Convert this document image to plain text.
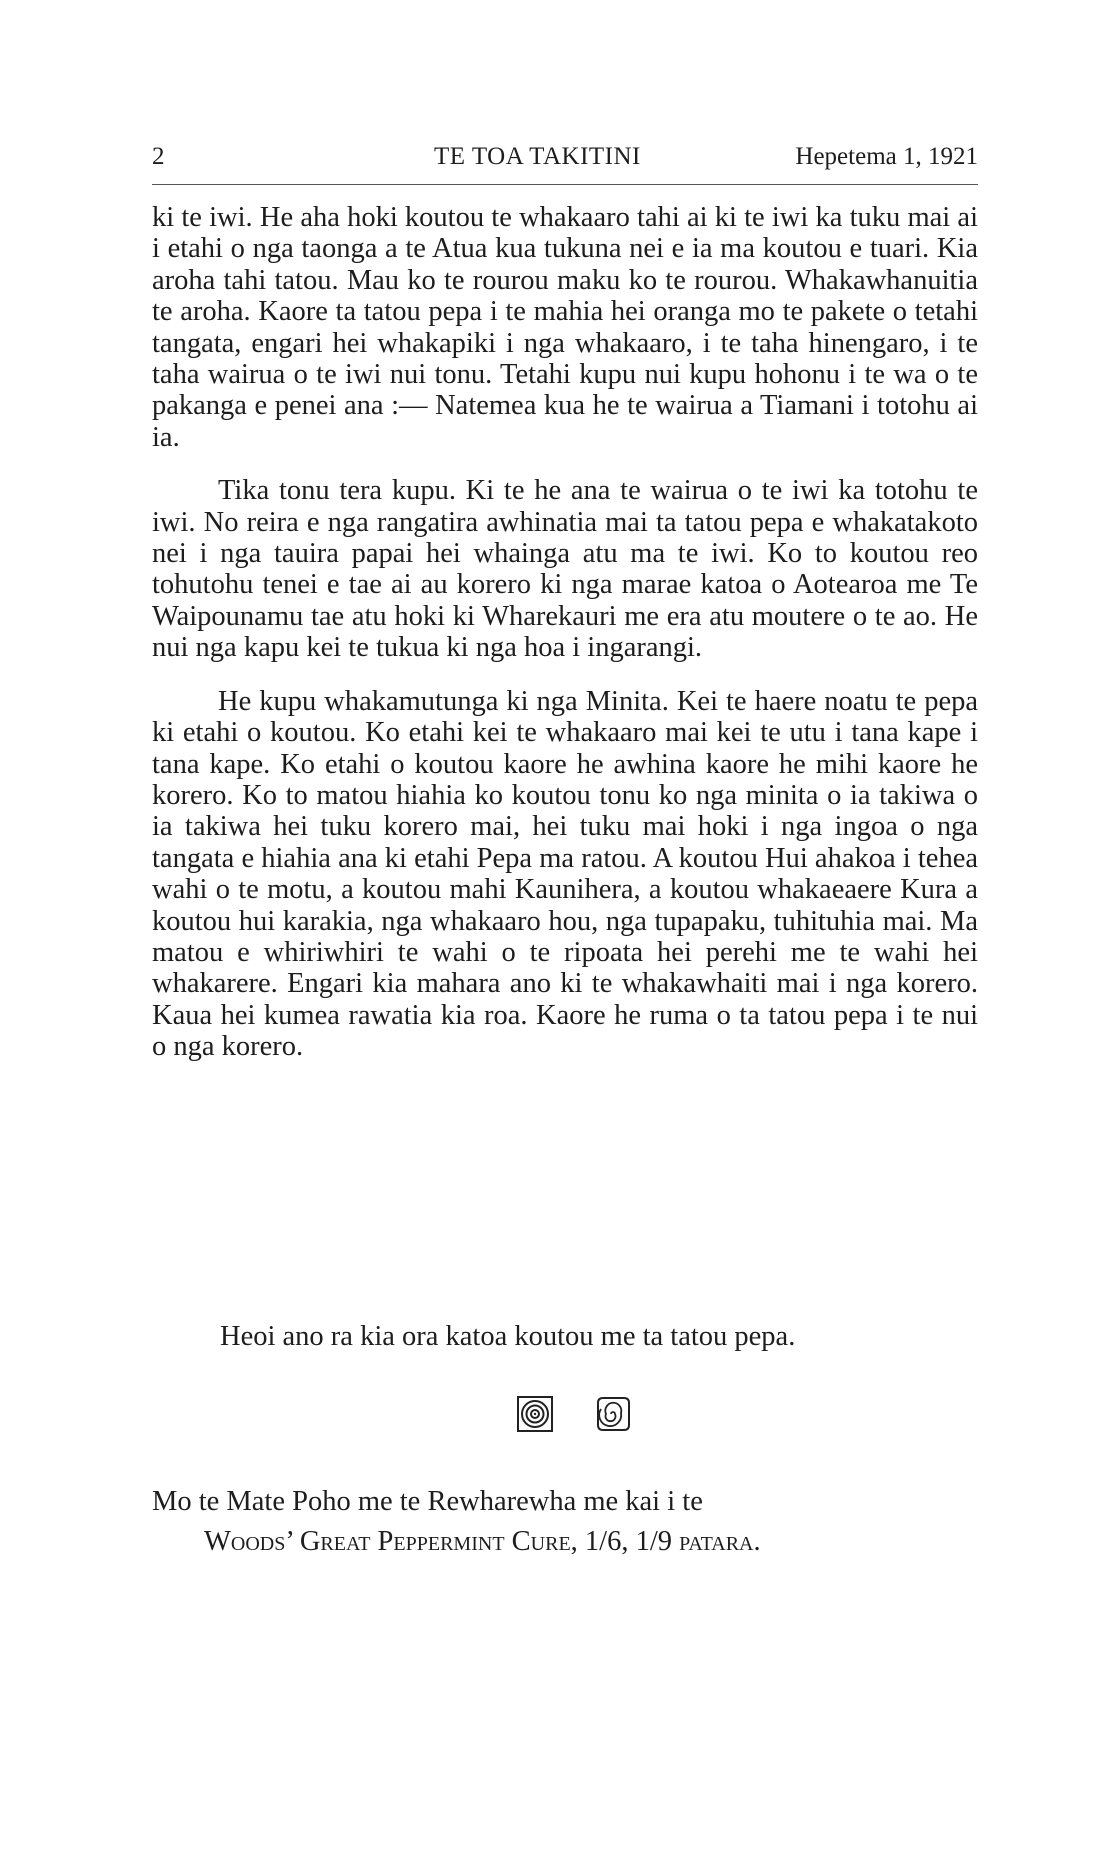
2	TE TOA TAKITINI	Hepetema 1, 1921

ki te iwi. He aha hoki koutou te whakaaro tahi ai ki te iwi ka tuku mai ai i etahi o nga taonga a te Atua kua tukuna nei e ia ma koutou e tuari. Kia aroha tahi tatou. Mau ko te rourou maku ko te rourou. Whakawhanuitia te aroha. Kaore ta tatou pepa i te mahia hei oranga mo te pakete o tetahi tangata, engari hei whakapiki i nga whakaaro, i te taha hinengaro, i te taha wairua o te iwi nui tonu. Tetahi kupu nui kupu hohonu i te wa o te pakanga e penei ana :— Natemea kua he te wairua a Tiamani i totohu ai ia.

Tika tonu tera kupu. Ki te he ana te wairua o te iwi ka totohu te iwi. No reira e nga rangatira awhinatia mai ta tatou pepa e whakatakoto nei i nga tauira papai hei whainga atu ma te iwi. Ko to koutou reo tohutohu tenei e tae ai au korero ki nga marae katoa o Aotearoa me Te Waipounamu tae atu hoki ki Wharekauri me era atu moutere o te ao. He nui nga kapu kei te tukua ki nga hoa i ingarangi.

He kupu whakamutunga ki nga Minita. Kei te haere noatu te pepa ki etahi o koutou. Ko etahi kei te whakaaro mai kei te utu i tana kape i tana kape. Ko etahi o koutou kaore he awhina kaore he mihi kaore he korero. Ko to matou hiahia ko koutou tonu ko nga minita o ia takiwa o ia takiwa hei tuku korero mai, hei tuku mai hoki i nga ingoa o nga tangata e hiahia ana ki etahi Pepa ma ratou. A koutou Hui ahakoa i tehea wahi o te motu, a koutou mahi Kaunihera, a koutou whakaeaere Kura a koutou hui karakia, nga whakaaro hou, nga tupapaku, tuhituhia mai. Ma matou e whiriwhiri te wahi o te ripoata hei perehi me te wahi hei whakarere. Engari kia mahara ano ki te whakawhaiti mai i nga korero. Kaua hei kumea rawatia kia roa. Kaore he ruma o ta tatou pepa i te nui o nga korero.

Heoi ano ra kia ora katoa koutou me ta tatou pepa.
Mo te Mate Poho me te Rewharewha me kai i te
Woods’ Great Peppermint Cure, 1/6, 1/9 patara.
